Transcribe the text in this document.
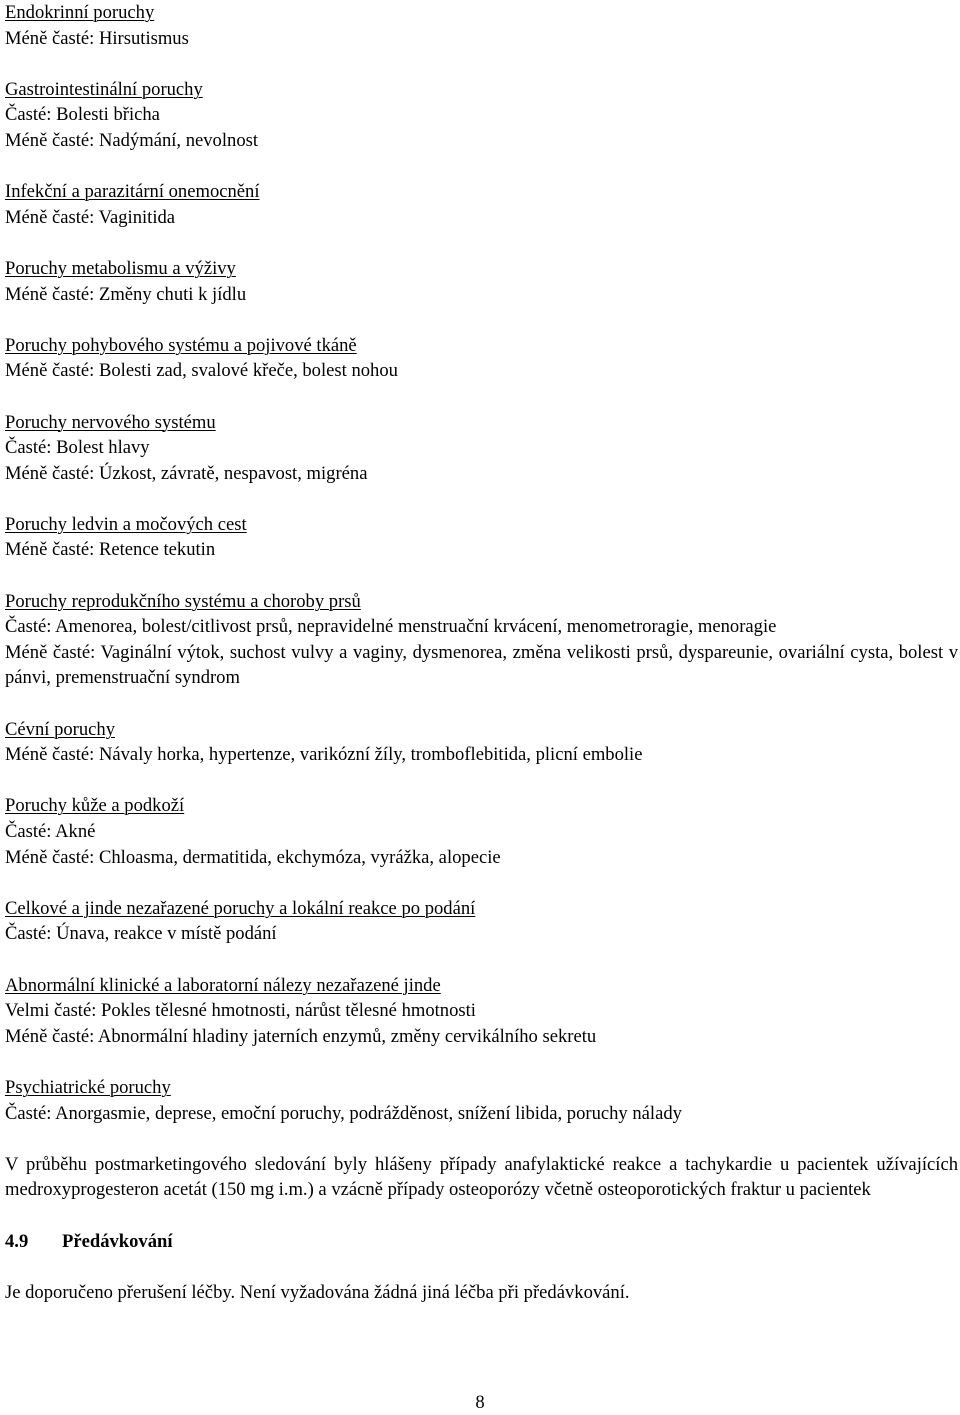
Endokrinní poruchy
Méně časté: Hirsutismus
Gastrointestinální poruchy
Časté: Bolesti břicha
Méně časté: Nadýmání, nevolnost
Infekční a parazitární onemocnění
Méně časté: Vaginitida
Poruchy metabolismu a výživy
Méně časté: Změny chuti k jídlu
Poruchy pohybového systému a pojivové tkáně
Méně časté: Bolesti zad, svalové křeče, bolest nohou
Poruchy nervového systému
Časté: Bolest hlavy
Méně časté: Úzkost, závratě, nespavost, migréna
Poruchy ledvin a močových cest
Méně časté: Retence tekutin
Poruchy reprodukčního systému a choroby prsů
Časté: Amenorea, bolest/citlivost prsů, nepravidelné menstruační krvácení, menometroragie, menoragie
Méně časté: Vaginální výtok, suchost vulvy a vaginy, dysmenorea, změna velikosti prsů, dyspareunie, ovariální cysta, bolest v pánvi, premenstruační syndrom
Cévní poruchy
Méně časté: Návaly horka, hypertenze, varikózní žíly, tromboflebitida, plicní embolie
Poruchy kůže a podkoží
Časté: Akné
Méně časté: Chloasma, dermatitida, ekchymóza, vyrážka, alopecie
Celkové a jinde nezařazené poruchy a lokální reakce po podání
Časté: Únava, reakce v místě podání
Abnormální klinické a laboratorní nálezy nezařazené jinde
Velmi časté: Pokles tělesné hmotnosti, nárůst tělesné hmotnosti
Méně časté: Abnormální hladiny jaterních enzymů, změny cervikálního sekretu
Psychiatrické poruchy
Časté: Anorgasmie, deprese, emoční poruchy, podrážděnost, snížení libida, poruchy nálady
V průběhu postmarketingového sledování byly hlášeny případy anafylaktické reakce a tachykardie u pacientek užívajících medroxyprogesteron acetát (150 mg i.m.) a vzácně případy osteoporózy včetně osteoporotických fraktur u pacientek
4.9 Předávkování
Je doporučeno přerušení léčby. Není vyžadována žádná jiná léčba při předávkování.
8
